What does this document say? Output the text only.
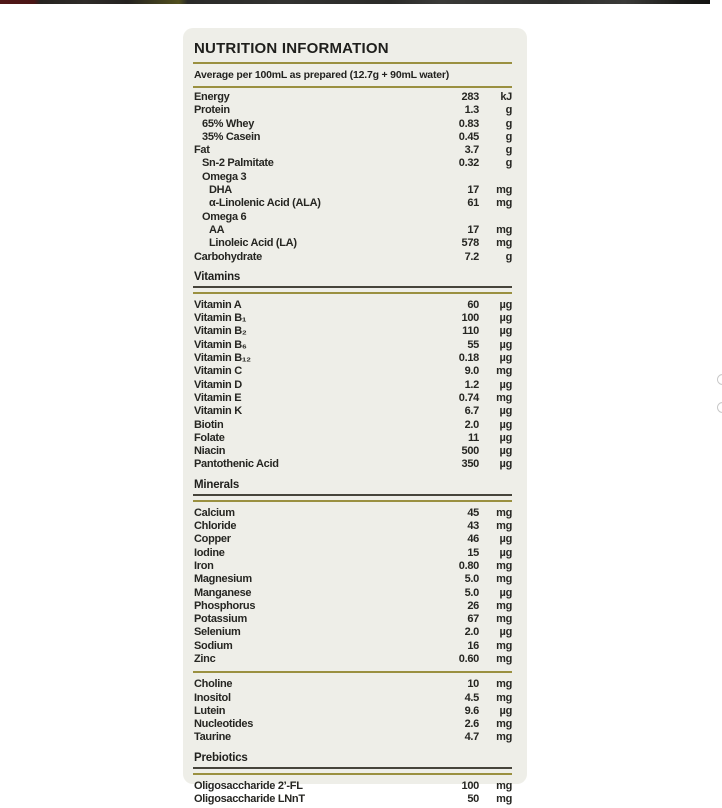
NUTRITION INFORMATION
Average per 100mL as prepared (12.7g + 90mL water)
Energy	283	kJ
Protein	1.3	g
65% Whey	0.83	g
35% Casein	0.45	g
Fat	3.7	g
Sn-2 Palmitate	0.32	g
Omega 3
DHA	17	mg
α-Linolenic Acid (ALA)	61	mg
Omega 6
AA	17	mg
Linoleic Acid (LA)	578	mg
Carbohydrate	7.2	g
Vitamins
Vitamin A	60	µg
Vitamin B₁	100	µg
Vitamin B₂	110	µg
Vitamin B₆	55	µg
Vitamin B₁₂	0.18	µg
Vitamin C	9.0	mg
Vitamin D	1.2	µg
Vitamin E	0.74	mg
Vitamin K	6.7	µg
Biotin	2.0	µg
Folate	11	µg
Niacin	500	µg
Pantothenic Acid	350	µg
Minerals
Calcium	45	mg
Chloride	43	mg
Copper	46	µg
Iodine	15	µg
Iron	0.80	mg
Magnesium	5.0	mg
Manganese	5.0	µg
Phosphorus	26	mg
Potassium	67	mg
Selenium	2.0	µg
Sodium	16	mg
Zinc	0.60	mg
Choline	10	mg
Inositol	4.5	mg
Lutein	9.6	µg
Nucleotides	2.6	mg
Taurine	4.7	mg
Prebiotics
Oligosaccharide 2’-FL	100	mg
Oligosaccharide LNnT	50	mg
